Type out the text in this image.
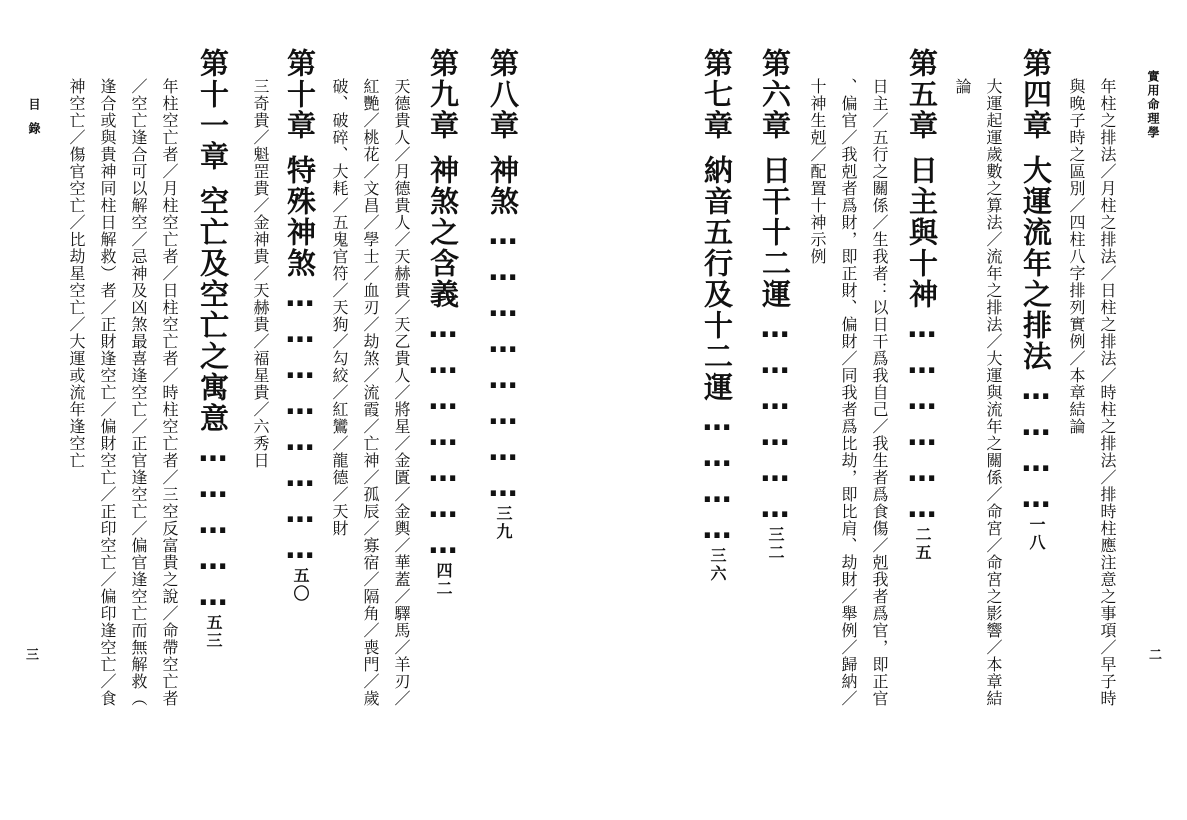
第八章神煞……………………三九
第九章神煞之含義…………………四二
天德貴人／月德貴人／天赫貴／天乙貴人／將星／金匱／金輿／華蓋／驛馬／羊刃／
紅艷／桃花／文昌／學士／血刃／劫煞／流霞／亡神／孤辰／寡宿／隔角／喪門／歲
破、破碎、大耗／五鬼官符／天狗／勾絞／紅鸞／龍德／天財
第十章特殊神煞……………………五〇
三奇貴／魁罡貴／金神貴／天赫貴／福星貴／六秀日
第十一章空亡及空亡之寓意……………五三
年柱空亡者／月柱空亡者／日柱空亡者／時柱空亡者／三空反富貴之說／命帶空亡者
／空亡逢合可以解空／忌神及凶煞最喜逢空亡／正官逢空亡／偏官逢空亡而無解救（
逢合或與貴神同柱日解救）者／正財逢空亡／偏財空亡／正印空亡／偏印逢空亡／食
神空亡／傷官空亡／比劫星空亡／大運或流年逢空亡
目錄
三
實用命理學
二
年柱之排法／月柱之排法／日柱之排法／時柱之排法／排時柱應注意之事項／早子時
與晚子時之區別／四柱八字排列實例／本章結論
第四章大運流年之排法…………一八
大運起運歲數之算法／流年之排法／大運與流年之關係／命宮／命宮之影響／本章結
論
第五章日主與十神………………二五
日主／五行之關係／生我者：以日干爲我自己／我生者爲食傷／剋我者爲官，即正官
、偏官／我剋者爲財，即正財、偏財／同我者爲比劫，即比肩、劫財／舉例／歸納／
十神生剋／配置十神示例
第六章日干十二運………………三二
第七章納音五行及十二運…………三六
